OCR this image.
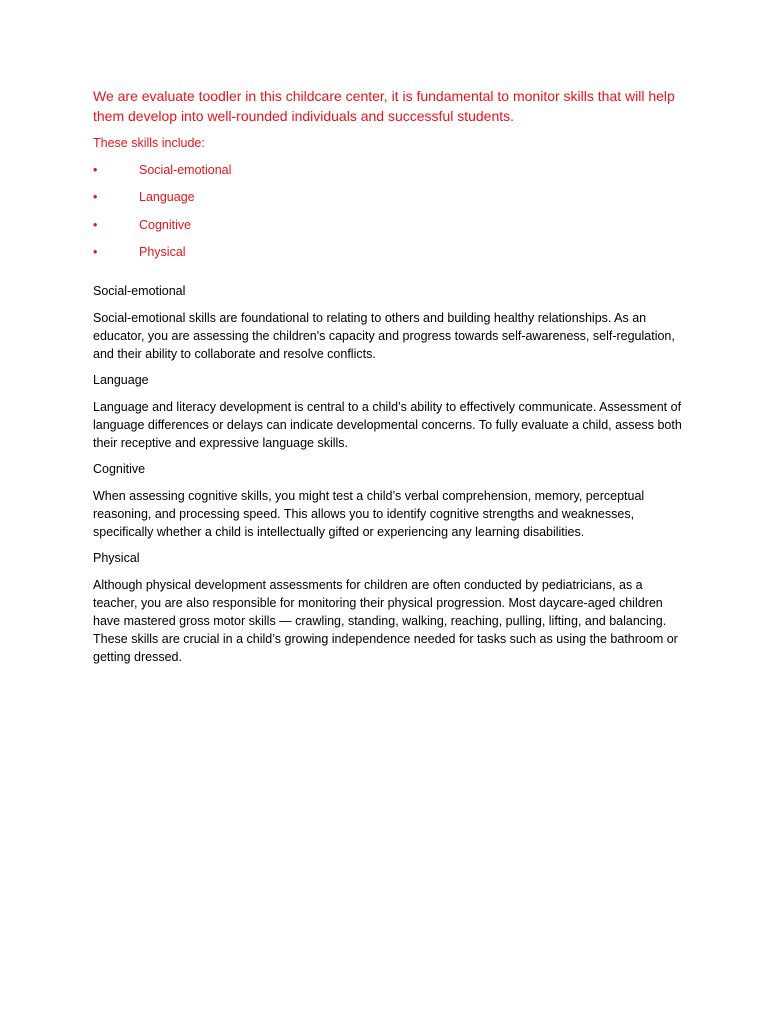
We are evaluate toodler in this childcare center, it is fundamental to monitor skills that will help them develop into well-rounded individuals and successful students.

These skills include:

•	Social-emotional
•	Language
•	Cognitive
•	Physical

Social-emotional

Social-emotional skills are foundational to relating to others and building healthy relationships. As an educator, you are assessing the children's capacity and progress towards self-awareness, self-regulation, and their ability to collaborate and resolve conflicts.

Language

Language and literacy development is central to a child’s ability to effectively communicate. Assessment of language differences or delays can indicate developmental concerns. To fully evaluate a child, assess both their receptive and expressive language skills.

Cognitive

When assessing cognitive skills, you might test a child’s verbal comprehension, memory, perceptual reasoning, and processing speed. This allows you to identify cognitive strengths and weaknesses, specifically whether a child is intellectually gifted or experiencing any learning disabilities.

Physical

Although physical development assessments for children are often conducted by pediatricians, as a teacher, you are also responsible for monitoring their physical progression. Most daycare-aged children have mastered gross motor skills — crawling, standing, walking, reaching, pulling, lifting, and balancing. These skills are crucial in a child’s growing independence needed for tasks such as using the bathroom or getting dressed.
